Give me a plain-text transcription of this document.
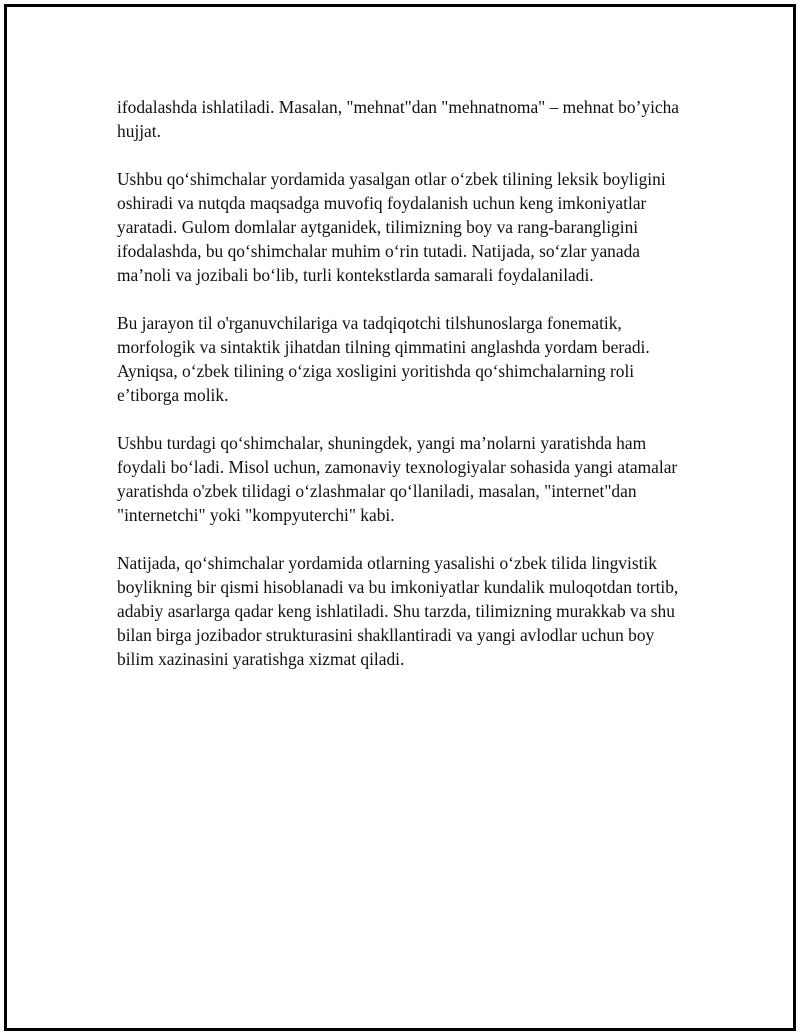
ifodalashda ishlatiladi. Masalan, "mehnat"dan "mehnatnoma" – mehnat bo’yicha hujjat.

Ushbu qo‘shimchalar yordamida yasalgan otlar o‘zbek tilining leksik boyligini oshiradi va nutqda maqsadga muvofiq foydalanish uchun keng imkoniyatlar yaratadi. Gulom domlalar aytganidek, tilimizning boy va rang-barangligini ifodalashda, bu qo‘shimchalar muhim o‘rin tutadi. Natijada, so‘zlar yanada ma’noli va jozibali bo‘lib, turli kontekstlarda samarali foydalaniladi.

Bu jarayon til o'rganuvchilariga va tadqiqotchi tilshunoslarga fonematik, morfologik va sintaktik jihatdan tilning qimmatini anglashda yordam beradi. Ayniqsa, o‘zbek tilining o‘ziga xosligini yoritishda qo‘shimchalarning roli e’tiborga molik.

Ushbu turdagi qo‘shimchalar, shuningdek, yangi ma’nolarni yaratishda ham foydali bo‘ladi. Misol uchun, zamonaviy texnologiyalar sohasida yangi atamalar yaratishda o'zbek tilidagi o‘zlashmalar qo‘llaniladi, masalan, "internet"dan "internetchi" yoki "kompyuterchi" kabi.

Natijada, qo‘shimchalar yordamida otlarning yasalishi o‘zbek tilida lingvistik boylikning bir qismi hisoblanadi va bu imkoniyatlar kundalik muloqotdan tortib, adabiy asarlarga qadar keng ishlatiladi. Shu tarzda, tilimizning murakkab va shu bilan birga jozibador strukturasini shakllantiradi va yangi avlodlar uchun boy bilim xazinasini yaratishga xizmat qiladi.
